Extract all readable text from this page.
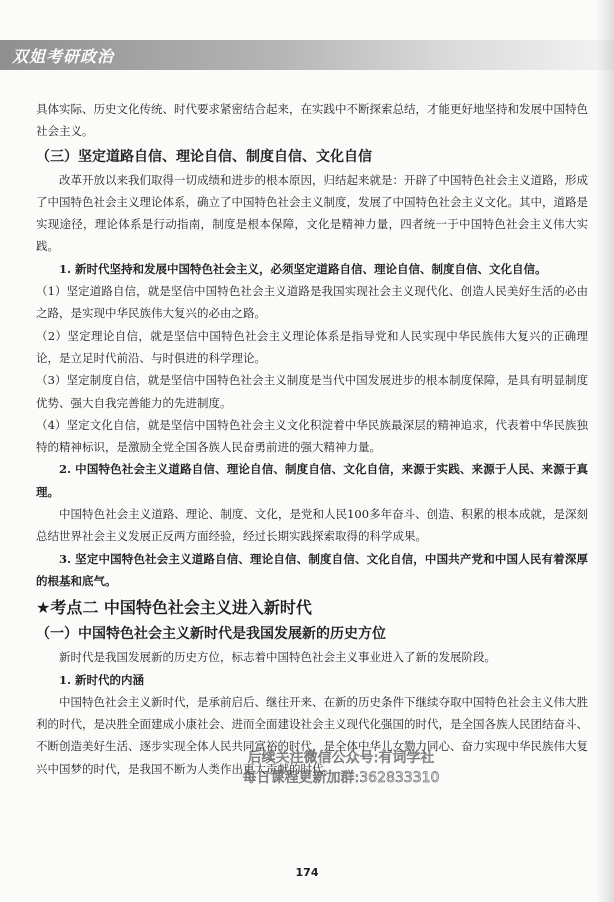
双姐考研政治

具体实际、历史文化传统、时代要求紧密结合起来，在实践中不断探索总结，才能更好地坚持和发展中国特色社会主义。

（三）坚定道路自信、理论自信、制度自信、文化自信

改革开放以来我们取得一切成绩和进步的根本原因，归结起来就是：开辟了中国特色社会主义道路，形成了中国特色社会主义理论体系，确立了中国特色社会主义制度，发展了中国特色社会主义文化。其中，道路是实现途径，理论体系是行动指南，制度是根本保障，文化是精神力量，四者统一于中国特色社会主义伟大实践。

1. 新时代坚持和发展中国特色社会主义，必须坚定道路自信、理论自信、制度自信、文化自信。

（1）坚定道路自信，就是坚信中国特色社会主义道路是我国实现社会主义现代化、创造人民美好生活的必由之路，是实现中华民族伟大复兴的必由之路。

（2）坚定理论自信，就是坚信中国特色社会主义理论体系是指导党和人民实现中华民族伟大复兴的正确理论，是立足时代前沿、与时俱进的科学理论。

（3）坚定制度自信，就是坚信中国特色社会主义制度是当代中国发展进步的根本制度保障，是具有明显制度优势、强大自我完善能力的先进制度。

（4）坚定文化自信，就是坚信中国特色社会主义文化积淀着中华民族最深层的精神追求，代表着中华民族独特的精神标识，是激励全党全国各族人民奋勇前进的强大精神力量。

2. 中国特色社会主义道路自信、理论自信、制度自信、文化自信，来源于实践、来源于人民、来源于真理。

中国特色社会主义道路、理论、制度、文化，是党和人民100多年奋斗、创造、积累的根本成就，是深刻总结世界社会主义发展正反两方面经验，经过长期实践探索取得的科学成果。

3. 坚定中国特色社会主义道路自信、理论自信、制度自信、文化自信，中国共产党和中国人民有着深厚的根基和底气。

★考点二 中国特色社会主义进入新时代
（一）中国特色社会主义新时代是我国发展新的历史方位

新时代是我国发展新的历史方位，标志着中国特色社会主义事业进入了新的发展阶段。

1. 新时代的内涵

中国特色社会主义新时代，是承前启后、继往开来、在新的历史条件下继续夺取中国特色社会主义伟大胜利的时代，是决胜全面建成小康社会、进而全面建设社会主义现代化强国的时代，是全国各族人民团结奋斗、不断创造美好生活、逐步实现全体人民共同富裕的时代，是全体中华儿女勠力同心、奋力实现中华民族伟大复兴中国梦的时代，是我国不断为人类作出更大贡献的时代。

后续关注微信公众号:有词学社
每日课程更新加群:362833310
174
